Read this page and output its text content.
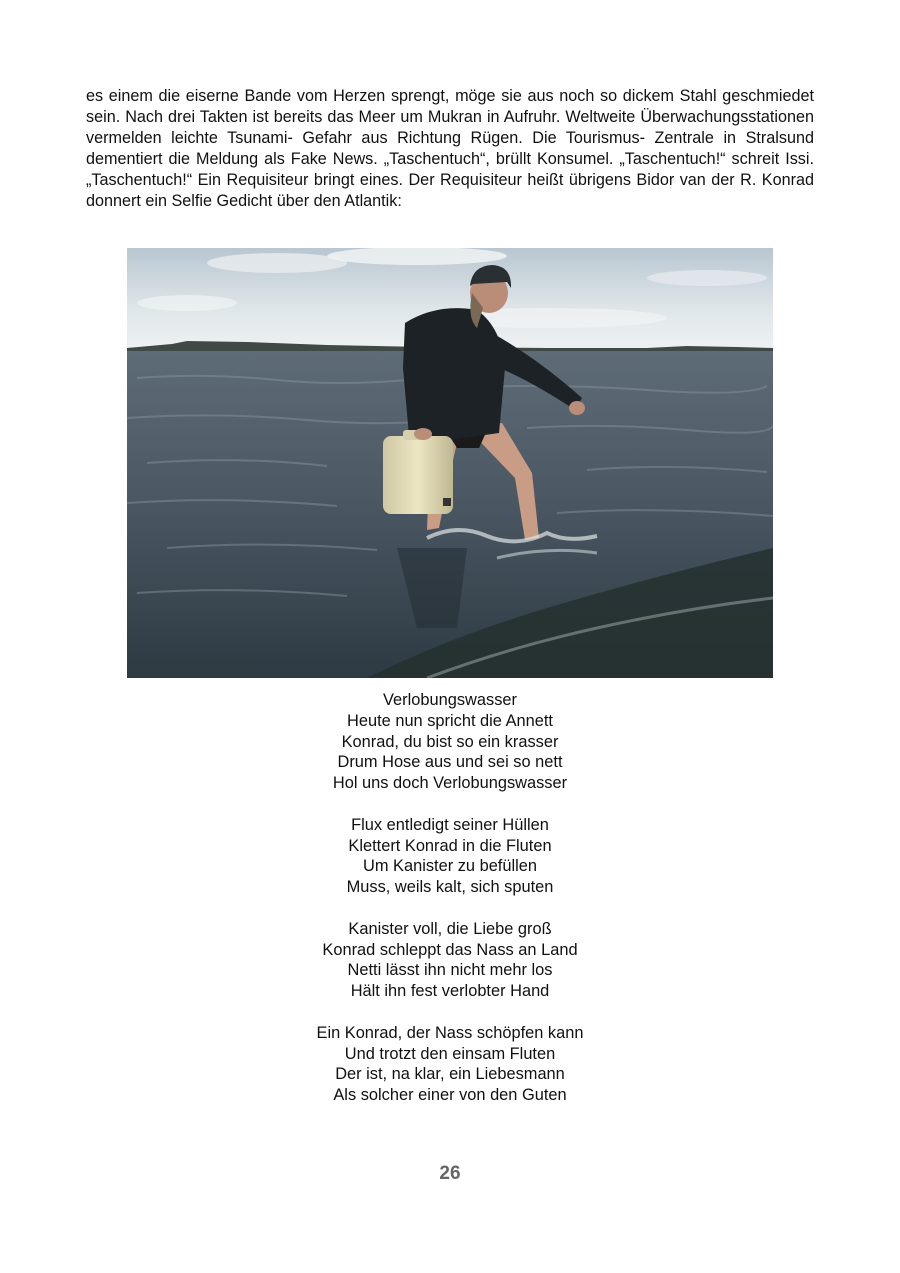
es einem die eiserne Bande vom Herzen sprengt, möge sie aus noch so dickem Stahl geschmiedet sein. Nach drei Takten ist bereits das Meer um Mukran in Aufruhr. Weltweite Überwachungsstationen vermelden leichte Tsunami- Gefahr aus Richtung Rügen. Die Tourismus- Zentrale in Stralsund dementiert die Meldung als Fake News. „Taschentuch“, brüllt Konsumel. „Taschentuch!“ schreit Issi. „Taschentuch!“ Ein Requisiteur bringt eines. Der Requisiteur heißt übrigens Bidor van der R. Konrad donnert ein Selfie Gedicht über den Atlantik:

Verlobungswasser
Heute nun spricht die Annett
Konrad, du bist so ein krasser
Drum Hose aus und sei so nett
Hol uns doch Verlobungswasser

Flux entledigt seiner Hüllen
Klettert Konrad in die Fluten
Um Kanister zu befüllen
Muss, weils kalt, sich sputen

Kanister voll, die Liebe groß
Konrad schleppt das Nass an Land
Netti lässt ihn nicht mehr los
Hält ihn fest verlobter Hand

Ein Konrad, der Nass schöpfen kann
Und trotzt den einsam Fluten
Der ist, na klar, ein Liebesmann
Als solcher einer von den Guten

26
